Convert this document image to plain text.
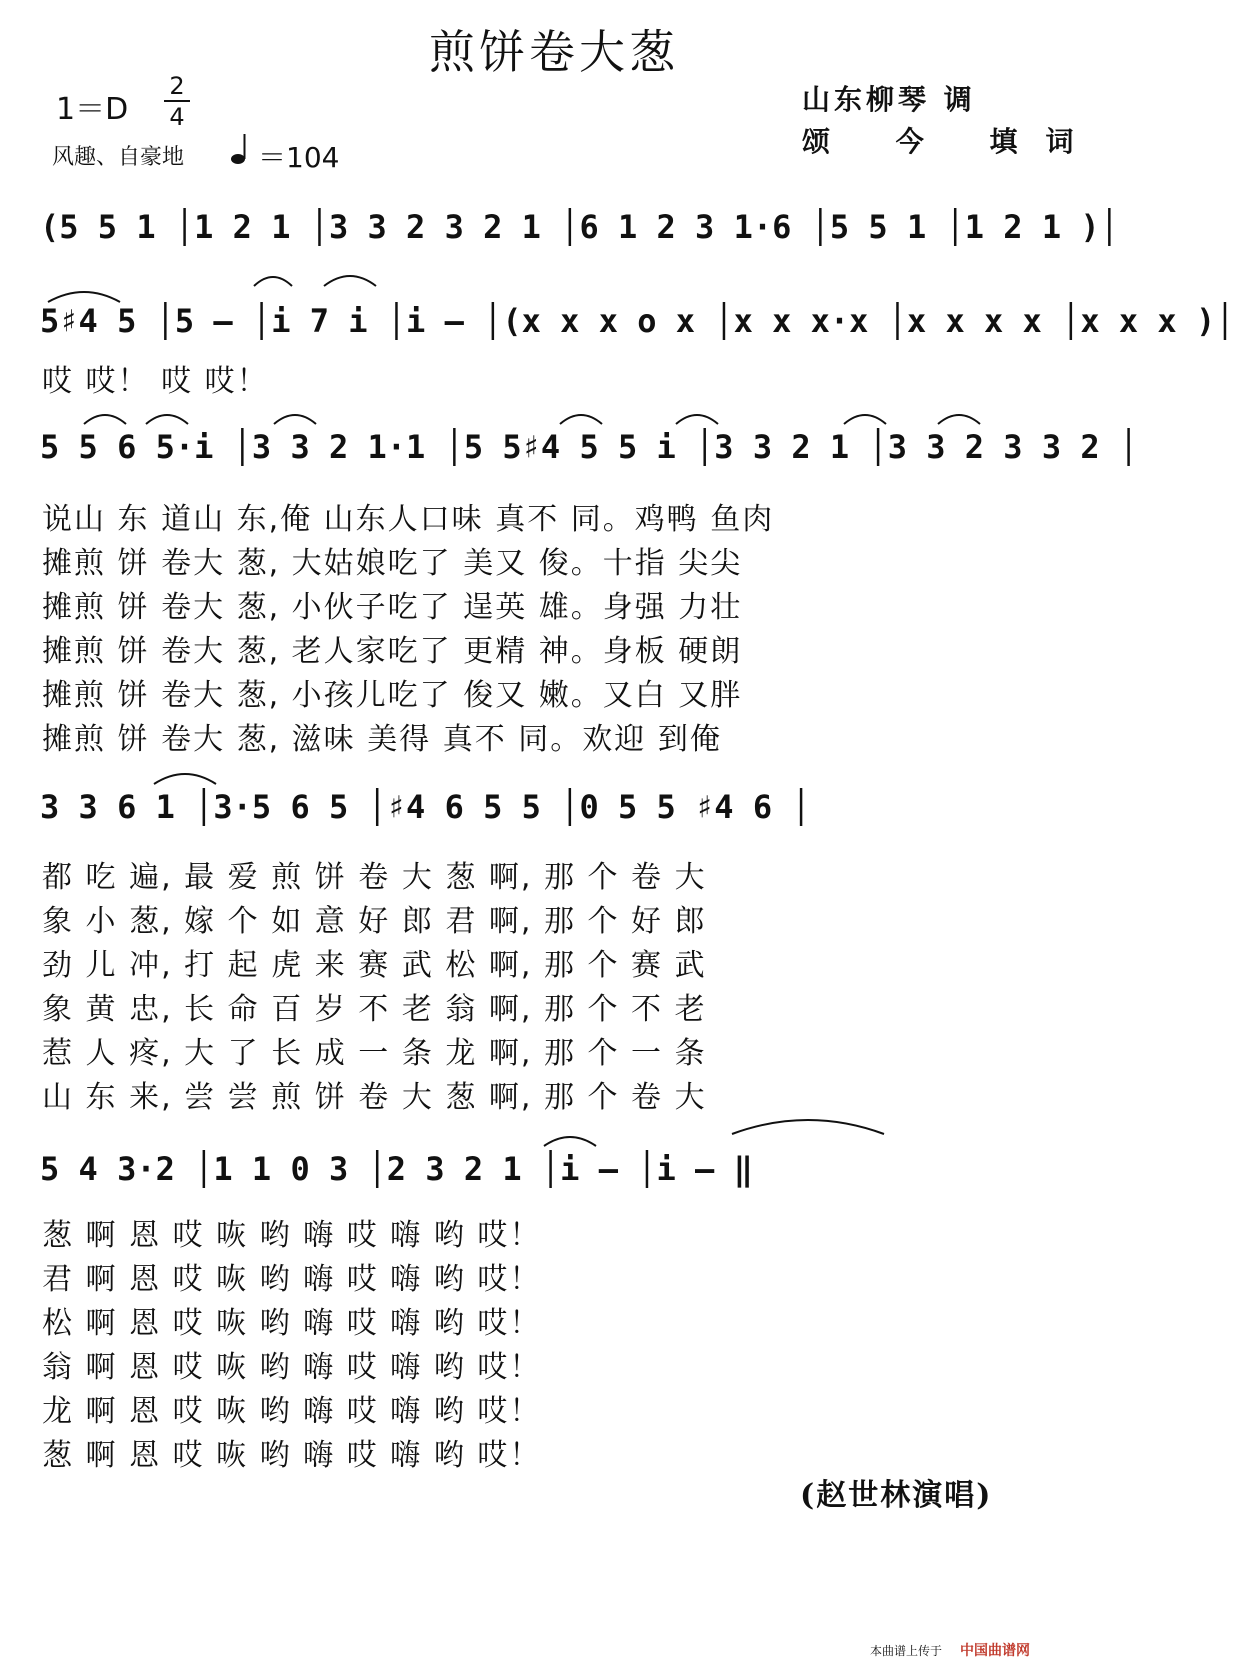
煎饼卷大葱
1＝D
2
4
风趣、自豪地	＝104
山东柳琴 调
颂 今 填词
(5 5 1 │1 2 1 │3 3 2 3 2 1 │6 1 2 3 1·6 │5 5 1 │1 2 1 )│
5♯4 5 │5 – │i 7 i │i – │(x x x o x │x x x·x │x x x x │x x x )│
哎 哎！ 哎 哎！
5 5 6 5·i │3 3 2 1·1 │5 5♯4 5 5 i │3 3 2 1 │3 3 2 3 3 2 │
说山 东 道山 东,俺 山东人口味 真不 同。鸡鸭 鱼肉
摊煎 饼 卷大 葱, 大姑娘吃了 美又 俊。十指 尖尖
摊煎 饼 卷大 葱, 小伙子吃了 逞英 雄。身强 力壮
摊煎 饼 卷大 葱, 老人家吃了 更精 神。身板 硬朗
摊煎 饼 卷大 葱, 小孩儿吃了 俊又 嫩。又白 又胖
摊煎 饼 卷大 葱, 滋味 美得 真不 同。欢迎 到俺
3 3 6 1 │3·5 6 5 │♯4 6 5 5 │0 5 5 ♯4 6 │
都 吃 遍, 最 爱 煎 饼 卷 大 葱 啊, 那 个 卷 大
象 小 葱, 嫁 个 如 意 好 郎 君 啊, 那 个 好 郎
劲 儿 冲, 打 起 虎 来 赛 武 松 啊, 那 个 赛 武
象 黄 忠, 长 命 百 岁 不 老 翁 啊, 那 个 不 老
惹 人 疼, 大 了 长 成 一 条 龙 啊, 那 个 一 条
山 东 来, 尝 尝 煎 饼 卷 大 葱 啊, 那 个 卷 大
5 4 3·2 │1 1 0 3 │2 3 2 1 │i – │i – ‖
葱 啊 恩 哎 咴 哟 嗨 哎 嗨 哟 哎！
君 啊 恩 哎 咴 哟 嗨 哎 嗨 哟 哎！
松 啊 恩 哎 咴 哟 嗨 哎 嗨 哟 哎！
翁 啊 恩 哎 咴 哟 嗨 哎 嗨 哟 哎！
龙 啊 恩 哎 咴 哟 嗨 哎 嗨 哟 哎！
葱 啊 恩 哎 咴 哟 嗨 哎 嗨 哟 哎！
(赵世林演唱)
本曲谱上传于 中国曲谱网
